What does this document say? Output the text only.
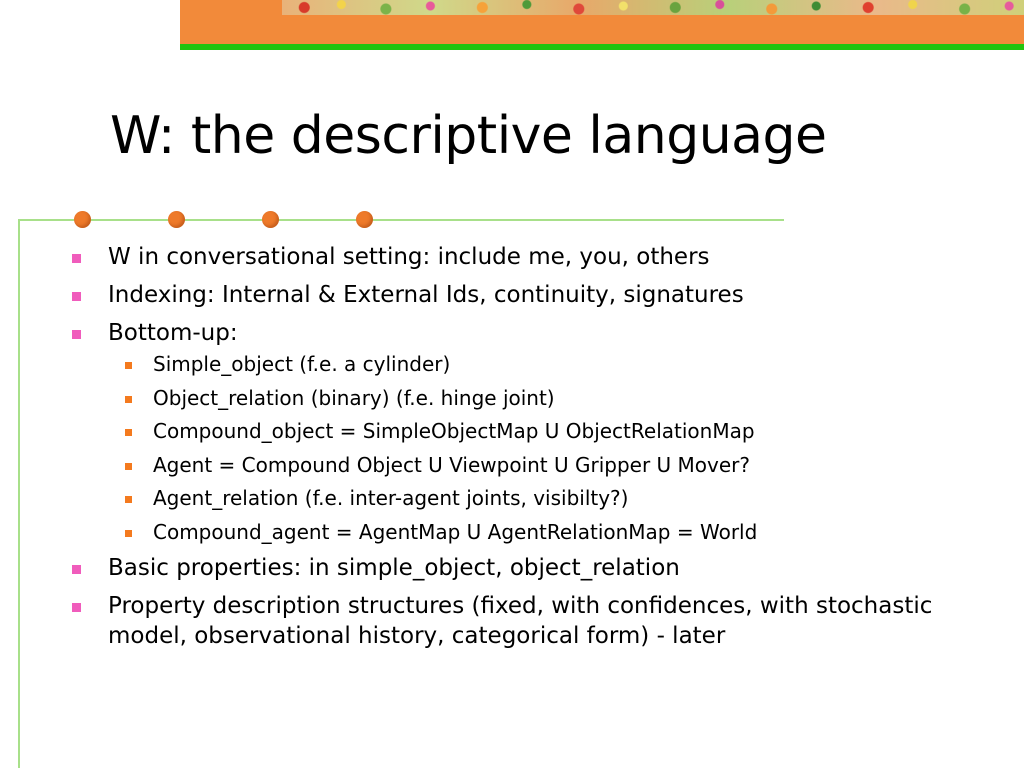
W: the descriptive language
W in conversational setting: include me, you, others
Indexing: Internal & External Ids, continuity, signatures
Bottom-up:
Simple_object (f.e. a cylinder)
Object_relation (binary) (f.e. hinge joint)
Compound_object = SimpleObjectMap U ObjectRelationMap
Agent = Compound Object U Viewpoint U Gripper U Mover?
Agent_relation (f.e. inter-agent joints, visibilty?)
Compound_agent = AgentMap U AgentRelationMap = World
Basic properties: in simple_object, object_relation
Property description structures (fixed, with confidences, with stochastic model, observational history, categorical form) - later
